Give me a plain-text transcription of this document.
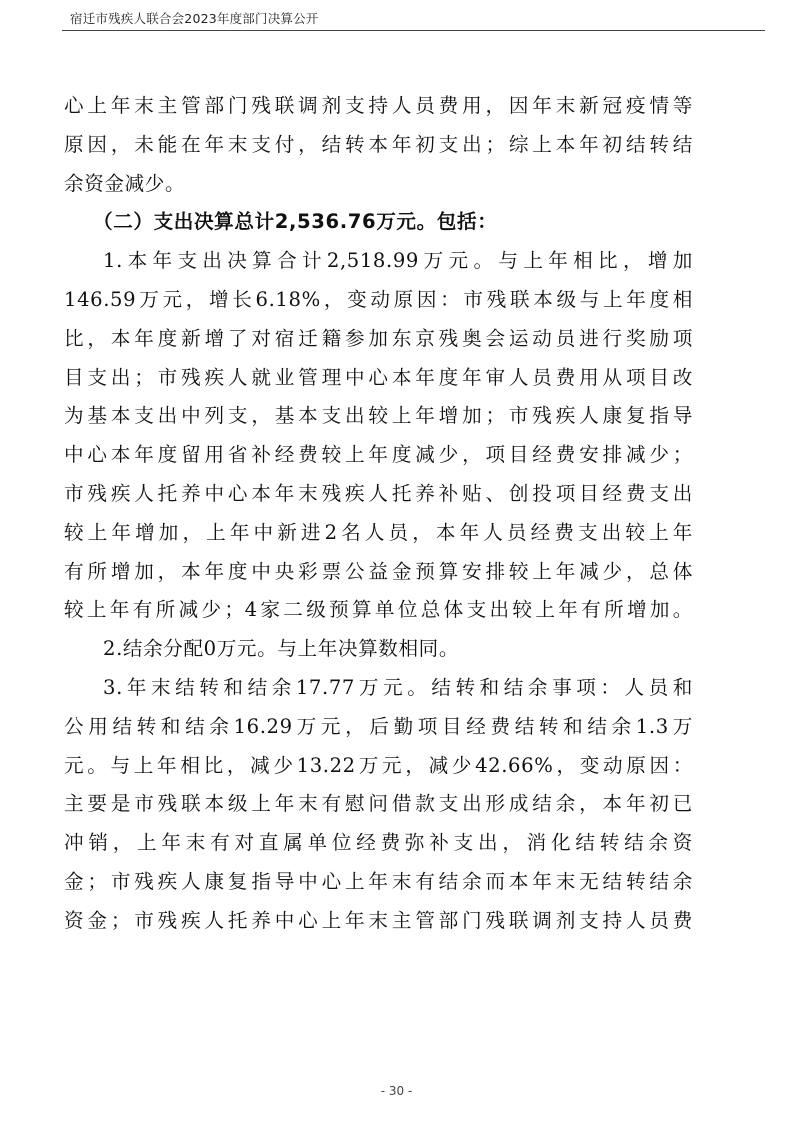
宿迁市残疾人联合会2023年度部门决算公开
心上年末主管部门残联调剂支持人员费用，因年末新冠疫情等
原因，未能在年末支付，结转本年初支出；综上本年初结转结
余资金减少。
（二）支出决算总计2,536.76万元。包括：
1.本年支出决算合计2,518.99万元。与上年相比，增加
146.59万元，增长6.18%，变动原因：市残联本级与上年度相
比，本年度新增了对宿迁籍参加东京残奥会运动员进行奖励项
目支出；市残疾人就业管理中心本年度年审人员费用从项目改
为基本支出中列支，基本支出较上年增加；市残疾人康复指导
中心本年度留用省补经费较上年度减少，项目经费安排减少；
市残疾人托养中心本年末残疾人托养补贴、创投项目经费支出
较上年增加，上年中新进2名人员，本年人员经费支出较上年
有所增加，本年度中央彩票公益金预算安排较上年减少，总体
较上年有所减少；4家二级预算单位总体支出较上年有所增加。
2.结余分配0万元。与上年决算数相同。
3.年末结转和结余17.77万元。结转和结余事项：人员和
公用结转和结余16.29万元，后勤项目经费结转和结余1.3万
元。与上年相比，减少13.22万元，减少42.66%，变动原因：
主要是市残联本级上年末有慰问借款支出形成结余，本年初已
冲销，上年末有对直属单位经费弥补支出，消化结转结余资
金；市残疾人康复指导中心上年末有结余而本年末无结转结余
资金；市残疾人托养中心上年末主管部门残联调剂支持人员费
- 30 -
